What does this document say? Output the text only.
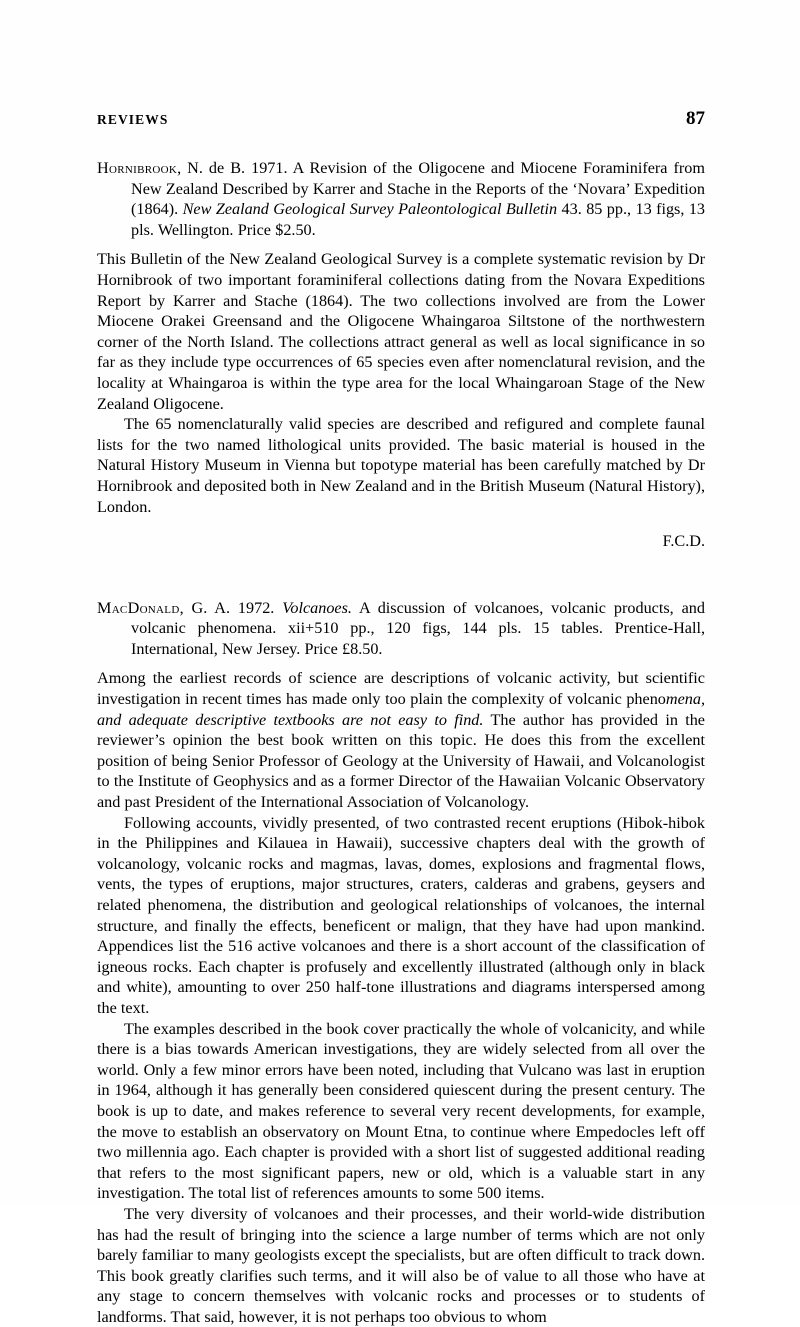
REVIEWS	87

Hornibrook, N. de B. 1971. A Revision of the Oligocene and Miocene Foraminifera from New Zealand Described by Karrer and Stache in the Reports of the ‘Novara’ Expedition (1864). New Zealand Geological Survey Paleontological Bulletin 43. 85 pp., 13 figs, 13 pls. Wellington. Price $2.50.

This Bulletin of the New Zealand Geological Survey is a complete systematic revision by Dr Hornibrook of two important foraminiferal collections dating from the Novara Expeditions Report by Karrer and Stache (1864). The two collections involved are from the Lower Miocene Orakei Greensand and the Oligocene Whaingaroa Siltstone of the northwestern corner of the North Island. The collections attract general as well as local significance in so far as they include type occurrences of 65 species even after nomenclatural revision, and the locality at Whaingaroa is within the type area for the local Whaingaroan Stage of the New Zealand Oligocene.

The 65 nomenclaturally valid species are described and refigured and complete faunal lists for the two named lithological units provided. The basic material is housed in the Natural History Museum in Vienna but topotype material has been carefully matched by Dr Hornibrook and deposited both in New Zealand and in the British Museum (Natural History), London.

F.C.D.

MacDonald, G. A. 1972. Volcanoes. A discussion of volcanoes, volcanic products, and volcanic phenomena. xii+510 pp., 120 figs, 144 pls. 15 tables. Prentice-Hall, International, New Jersey. Price £8.50.

Among the earliest records of science are descriptions of volcanic activity, but scientific investigation in recent times has made only too plain the complexity of volcanic phenomena, and adequate descriptive textbooks are not easy to find. The author has provided in the reviewer’s opinion the best book written on this topic. He does this from the excellent position of being Senior Professor of Geology at the University of Hawaii, and Volcanologist to the Institute of Geophysics and as a former Director of the Hawaiian Volcanic Observatory and past President of the International Association of Volcanology.

Following accounts, vividly presented, of two contrasted recent eruptions (Hibok-hibok in the Philippines and Kilauea in Hawaii), successive chapters deal with the growth of volcanology, volcanic rocks and magmas, lavas, domes, explosions and fragmental flows, vents, the types of eruptions, major structures, craters, calderas and grabens, geysers and related phenomena, the distribution and geological relationships of volcanoes, the internal structure, and finally the effects, beneficent or malign, that they have had upon mankind. Appendices list the 516 active volcanoes and there is a short account of the classification of igneous rocks. Each chapter is profusely and excellently illustrated (although only in black and white), amounting to over 250 half-tone illustrations and diagrams interspersed among the text.

The examples described in the book cover practically the whole of volcanicity, and while there is a bias towards American investigations, they are widely selected from all over the world. Only a few minor errors have been noted, including that Vulcano was last in eruption in 1964, although it has generally been considered quiescent during the present century. The book is up to date, and makes reference to several very recent developments, for example, the move to establish an observatory on Mount Etna, to continue where Empedocles left off two millennia ago. Each chapter is provided with a short list of suggested additional reading that refers to the most significant papers, new or old, which is a valuable start in any investigation. The total list of references amounts to some 500 items.

The very diversity of volcanoes and their processes, and their world-wide distribution has had the result of bringing into the science a large number of terms which are not only barely familiar to many geologists except the specialists, but are often difficult to track down. This book greatly clarifies such terms, and it will also be of value to all those who have at any stage to concern themselves with volcanic rocks and processes or to students of landforms. That said, however, it is not perhaps too obvious to whom
